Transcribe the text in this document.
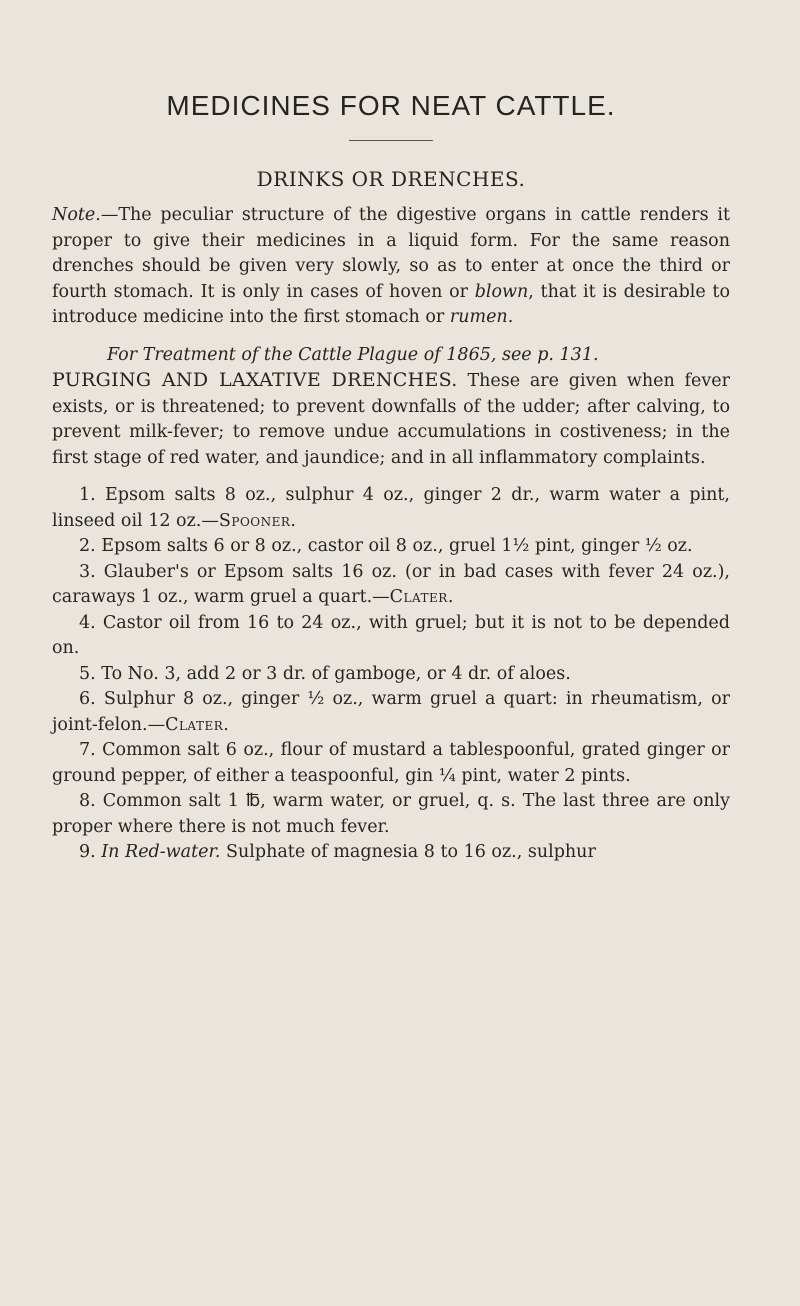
MEDICINES FOR NEAT CATTLE.
DRINKS OR DRENCHES.

Note.—The peculiar structure of the digestive organs in cattle renders it proper to give their medicines in a liquid form. For the same reason drenches should be given very slowly, so as to enter at once the third or fourth stomach. It is only in cases of hoven or blown, that it is desirable to introduce medicine into the first stomach or rumen.

For Treatment of the Cattle Plague of 1865, see p. 131.

PURGING AND LAXATIVE DRENCHES. These are given when fever exists, or is threatened; to prevent downfalls of the udder; after calving, to prevent milk-fever; to remove undue accumulations in costiveness; in the first stage of red water, and jaundice; and in all inflammatory complaints.

1. Epsom salts 8 oz., sulphur 4 oz., ginger 2 dr., warm water a pint, linseed oil 12 oz.—Spooner.

2. Epsom salts 6 or 8 oz., castor oil 8 oz., gruel 1½ pint, ginger ½ oz.

3. Glauber's or Epsom salts 16 oz. (or in bad cases with fever 24 oz.), caraways 1 oz., warm gruel a quart.—Clater.

4. Castor oil from 16 to 24 oz., with gruel; but it is not to be depended on.

5. To No. 3, add 2 or 3 dr. of gamboge, or 4 dr. of aloes.

6. Sulphur 8 oz., ginger ½ oz., warm gruel a quart: in rheumatism, or joint-felon.—Clater.

7. Common salt 6 oz., flour of mustard a tablespoonful, grated ginger or ground pepper, of either a teaspoonful, gin ¼ pint, water 2 pints.

8. Common salt 1 ℔, warm water, or gruel, q. s. The last three are only proper where there is not much fever.

9. In Red-water. Sulphate of magnesia 8 to 16 oz., sulphur
